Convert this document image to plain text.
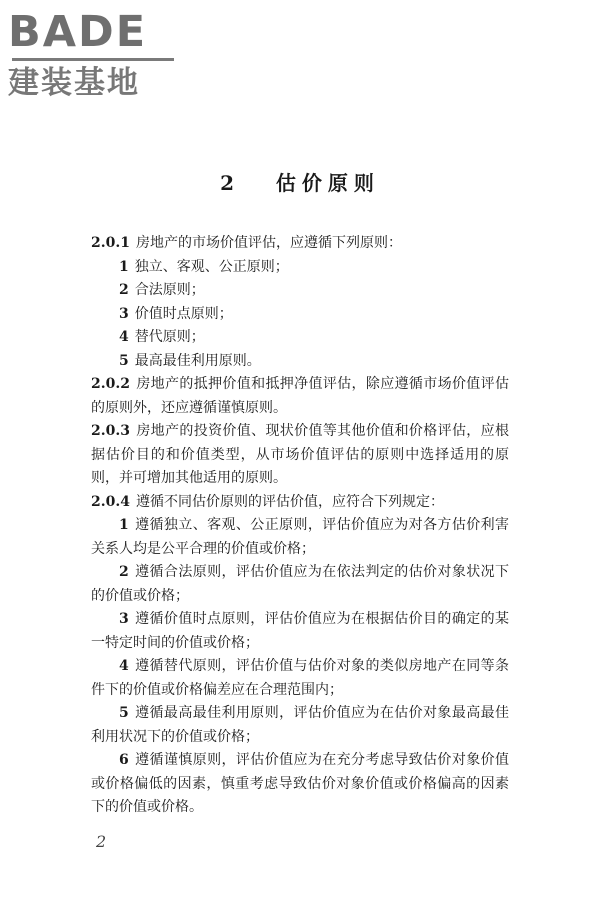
BADE
建装基地
2 估价原则

2.0.1 房地产的市场价值评估，应遵循下列原则：

1 独立、客观、公正原则；

2 合法原则；

3 价值时点原则；

4 替代原则；

5 最高最佳利用原则。

2.0.2 房地产的抵押价值和抵押净值评估，除应遵循市场价值评估的原则外，还应遵循谨慎原则。

2.0.3 房地产的投资价值、现状价值等其他价值和价格评估，应根据估价目的和价值类型，从市场价值评估的原则中选择适用的原则，并可增加其他适用的原则。

2.0.4 遵循不同估价原则的评估价值，应符合下列规定：

1 遵循独立、客观、公正原则，评估价值应为对各方估价利害关系人均是公平合理的价值或价格；

2 遵循合法原则，评估价值应为在依法判定的估价对象状况下的价值或价格；

3 遵循价值时点原则，评估价值应为在根据估价目的确定的某一特定时间的价值或价格；

4 遵循替代原则，评估价值与估价对象的类似房地产在同等条件下的价值或价格偏差应在合理范围内；

5 遵循最高最佳利用原则，评估价值应为在估价对象最高最佳利用状况下的价值或价格；

6 遵循谨慎原则，评估价值应为在充分考虑导致估价对象价值或价格偏低的因素，慎重考虑导致估价对象价值或价格偏高的因素下的价值或价格。

2
